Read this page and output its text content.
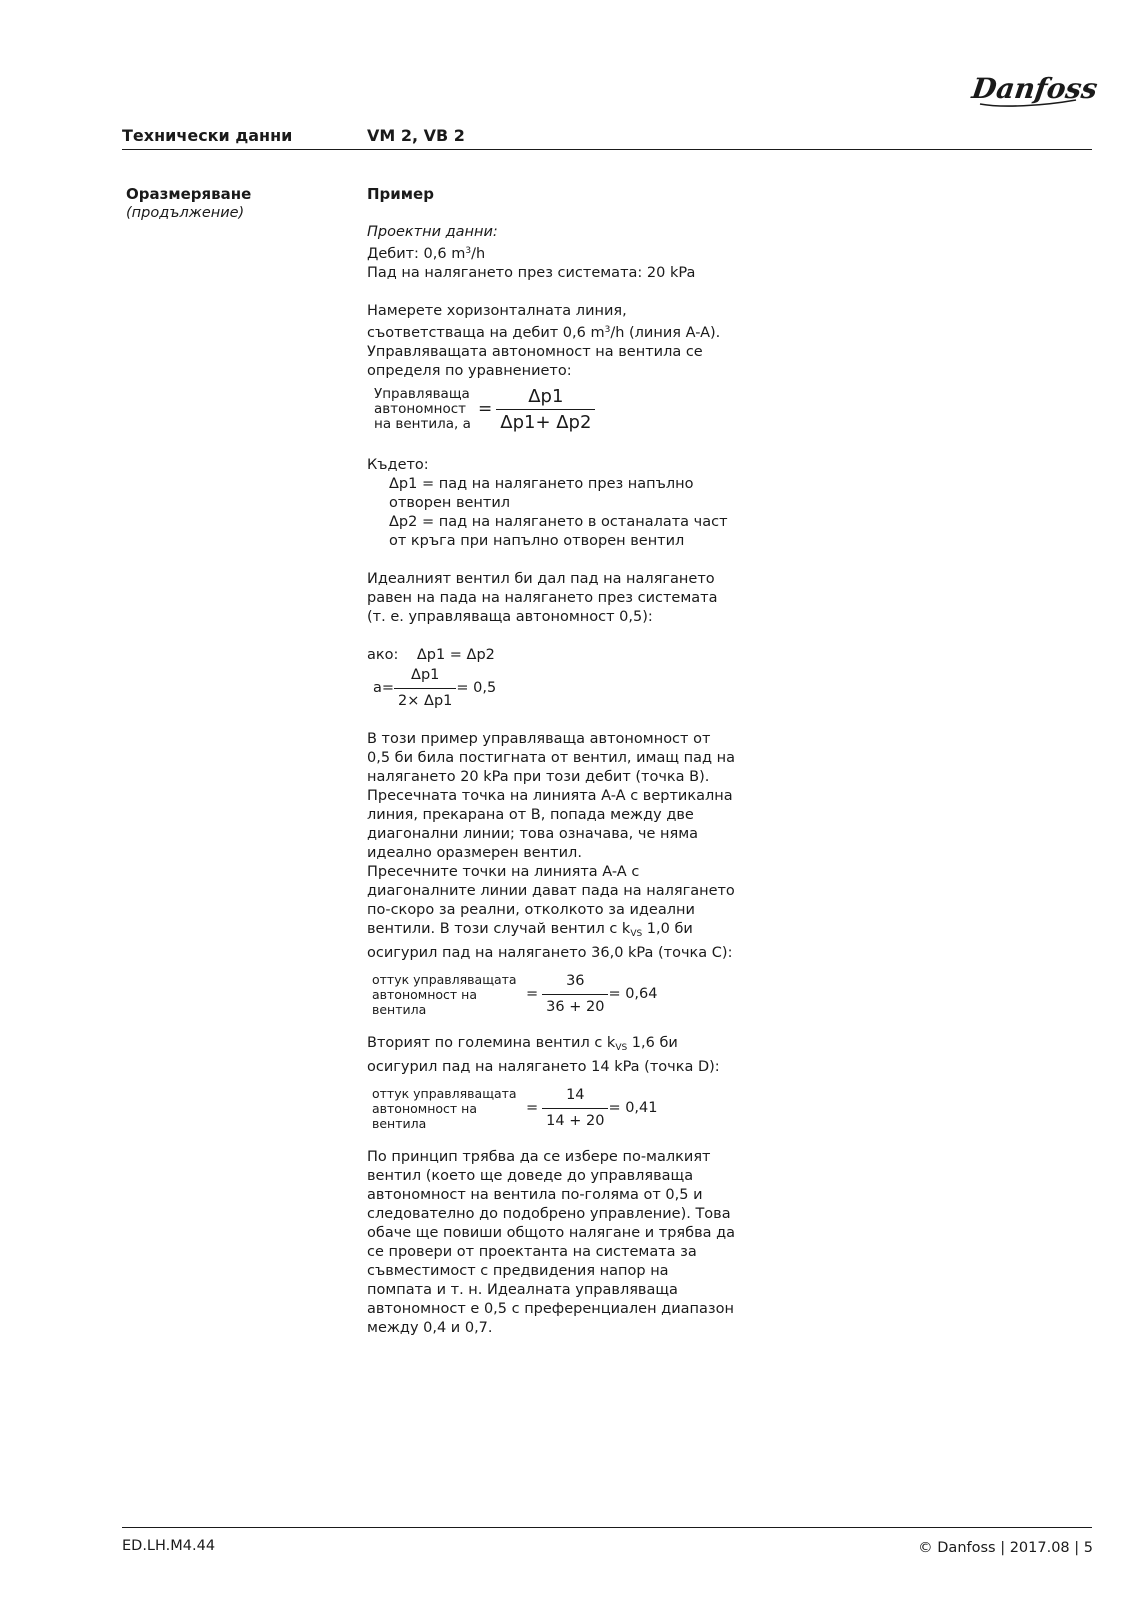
Danfoss
Технически данни	VM 2, VB 2
Оразмеряване
(продължение)

Пример

Проектни данни:

Дебит: 0,6 $m^3/h$

Пад на налягането през системата: 20 kPa

Намерете хоризонталната линия,

съответстваща на дебит 0,6 $m^3/h$ (линия A-A).

Управляващата автономност на вентила се определя по уравнението:

Управляваща
автономност
на вентила, a
= $\frac{\Delta p1}{\Delta p1+ \Delta p2}$

Където:

Δp1 = пад на налягането през напълно отворен вентил

Δp2 = пад на налягането в останалата част от кръга при напълно отворен вентил

Идеалният вентил би дал пад на налягането равен на пада на налягането през системата (т. е. управляваща автономност 0,5):

ако:    Δp1 = Δp2

$a= \frac{\Delta p1}{2\times \Delta p1} = 0,5$

В този пример управляваща автономност от 0,5 би била постигната от вентил, имащ пад на налягането 20 kPa при този дебит (точка B). Пресечната точка на линията A-A с вертикална линия, прекарана от B, попада между две диагонални линии; това означава, че няма идеално оразмерен вентил.
Пресечните точки на линията A-A с диагоналните линии дават пада на налягането по-скоро за реални, отколкото за идеални вентили. В този случай вентил с $k_{VS}$ 1,0 би осигурил пад на налягането 36,0 kPa (точка C):

оттук управляващата
автономност на вентила
= $\frac{36}{36 + 20} = 0,64$

Вторият по големина вентил с $k_{VS}$ 1,6 би осигурил пад на налягането 14 kPa (точка D):

оттук управляващата
автономност на вентила
= $\frac{14}{14 + 20} = 0,41$

По принцип трябва да се избере по-малкият вентил (което ще доведе до управляваща автономност на вентила по-голяма от 0,5 и следователно до подобрено управление). Това обаче ще повиши общото налягане и трябва да се провери от проектанта на системата за съвместимост с предвидения напор на помпата и т. н. Идеалната управляваща автономност е 0,5 с преференциален диапазон между 0,4 и 0,7.

ED.LH.M4.44	© Danfoss | 2017.08 | 5
